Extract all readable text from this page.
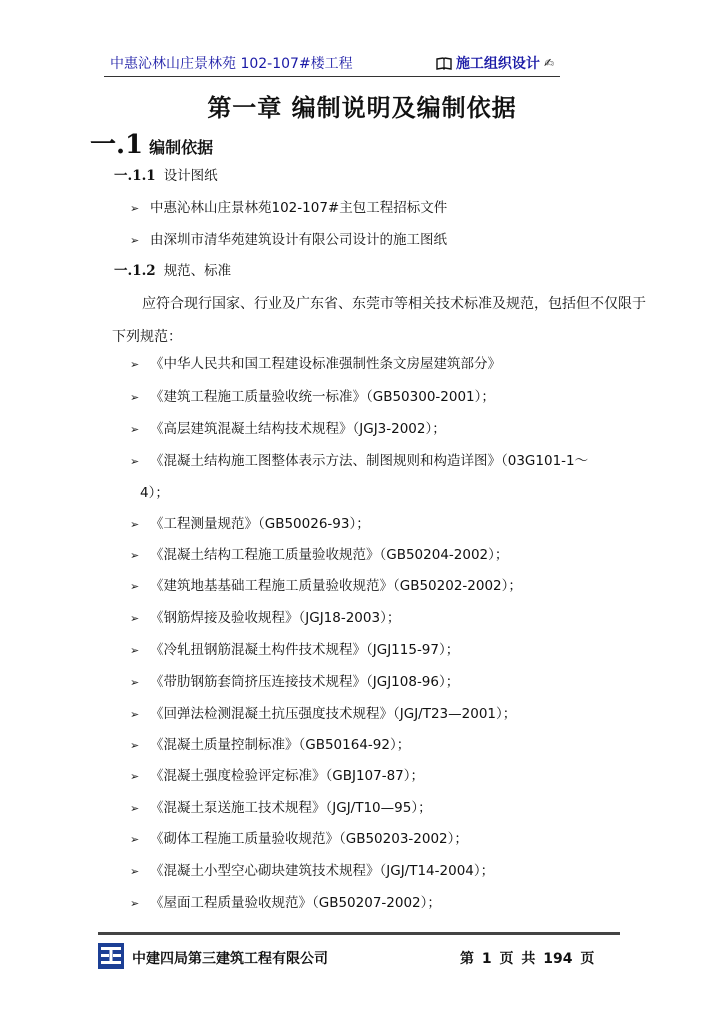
中惠沁林山庄景林苑 102-107#楼工程	施工组织设计 ✍
第一章 编制说明及编制依据
一.1 编制依据
一.1.1 设计图纸
➢ 中惠沁林山庄景林苑102-107#主包工程招标文件
➢ 由深圳市清华苑建筑设计有限公司设计的施工图纸
一.1.2 规范、标准
应符合现行国家、行业及广东省、东莞市等相关技术标准及规范，包括但不仅限于下列规范：
➢ 《中华人民共和国工程建设标准强制性条文房屋建筑部分》
➢ 《建筑工程施工质量验收统一标准》（GB50300-2001）；
➢ 《高层建筑混凝土结构技术规程》（JGJ3-2002）；
➢ 《混凝土结构施工图整体表示方法、制图规则和构造详图》（03G101-1～
4）；
➢ 《工程测量规范》（GB50026-93）；
➢ 《混凝土结构工程施工质量验收规范》（GB50204-2002）；
➢ 《建筑地基基础工程施工质量验收规范》（GB50202-2002）；
➢ 《钢筋焊接及验收规程》（JGJ18-2003）；
➢ 《冷轧扭钢筋混凝土构件技术规程》（JGJ115-97）；
➢ 《带肋钢筋套筒挤压连接技术规程》（JGJ108-96）；
➢ 《回弹法检测混凝土抗压强度技术规程》（JGJ/T23—2001）；
➢ 《混凝土质量控制标准》（GB50164-92）；
➢ 《混凝土强度检验评定标准》（GBJ107-87）；
➢ 《混凝土泵送施工技术规程》（JGJ/T10—95）；
➢ 《砌体工程施工质量验收规范》（GB50203-2002）；
➢ 《混凝土小型空心砌块建筑技术规程》（JGJ/T14-2004）；
➢ 《屋面工程质量验收规范》（GB50207-2002）；
中建四局第三建筑工程有限公司	第 1 页 共 194 页
